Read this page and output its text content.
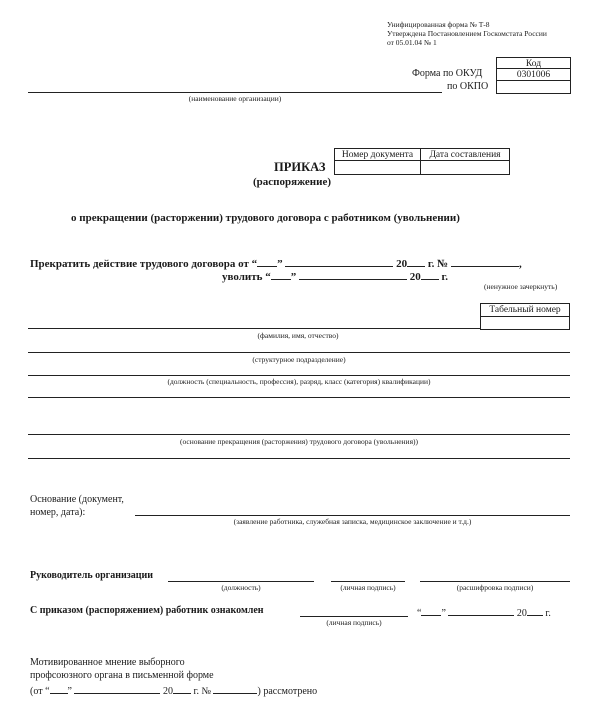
Унифицированная форма № Т-8
Утверждена Постановлением Госкомстата России
от 05.01.04 № 1
Код
0301006
Форма по ОКУД
по ОКПО
(наименование организации)
Номер документа	Дата составления
ПРИКАЗ
(распоряжение)
о прекращении (расторжении) трудового договора с работником (увольнении)
Прекратить действие трудового договора от “ ”	20 г. №	,
уволить “ ”	20 г.
(ненужное зачеркнуть)
Табельный номер
(фамилия, имя, отчество)
(структурное подразделение)
(должность (специальность, профессия), разряд, класс (категория) квалификации)
(основание прекращения (расторжения) трудового договора (увольнения))
Основание (документ,
номер, дата):
(заявление работника, служебная записка, медицинское заключение и т.д.)
Руководитель организации
(должность)	(личная подпись)	(расшифровка подписи)
С приказом (распоряжением) работник ознакомлен
(личная подпись)
“ ”	20 г.
Мотивированное мнение выборного
профсоюзного органа в письменной форме
(от “ ”	20 г. №	) рассмотрено
